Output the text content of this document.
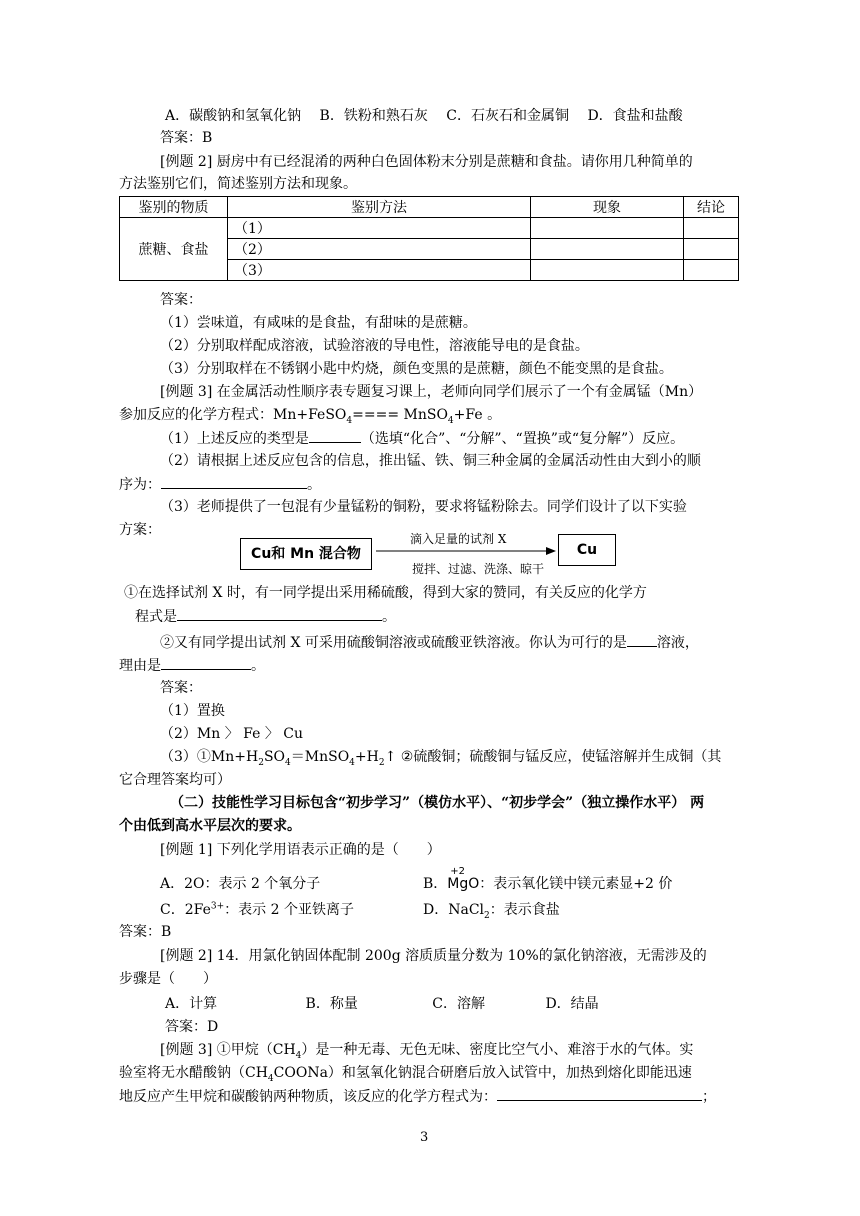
A．碳酸钠和氢氧化钠　 B．铁粉和熟石灰　 C．石灰石和金属铜　 D．食盐和盐酸
答案：B
[例题 2] 厨房中有已经混淆的两种白色固体粉末分别是蔗糖和食盐。请你用几种简单的
方法鉴别它们，简述鉴别方法和现象。
鉴别的物质	鉴别方法	现象	结论
蔗糖、食盐	（1）		
	（2）		
	（3）		
答案：
（1）尝味道，有咸味的是食盐，有甜味的是蔗糖。
（2）分别取样配成溶液，试验溶液的导电性，溶液能导电的是食盐。
（3）分别取样在不锈钢小匙中灼烧，颜色变黑的是蔗糖，颜色不能变黑的是食盐。
[例题 3] 在金属活动性顺序表专题复习课上，老师向同学们展示了一个有金属锰（Mn）
参加反应的化学方程式：Mn+FeSO$_4$==== MnSO$_4$+Fe 。
（1）上述反应的类型是	（选填“化合”、“分解”、“置换”或“复分解”）反应。
（2）请根据上述反应包含的信息，推出锰、铁、铜三种金属的金属活动性由大到小的顺
序为：	。
（3）老师提供了一包混有少量锰粉的铜粉，要求将锰粉除去。同学们设计了以下实验
方案：
Cu和 Mn 混合物
滴入足量的试剂 X
搅拌、过滤、洗涤、晾干
Cu
①在选择试剂 X 时，有一同学提出采用稀硫酸，得到大家的赞同，有关反应的化学方
程式是	。
②又有同学提出试剂 X 可采用硫酸铜溶液或硫酸亚铁溶液。你认为可行的是 溶液，
理由是	。
答案：
（1）置换
（2）Mn 〉 Fe 〉 Cu
$(3)①Mn+H_2SO_4=MnSO_4+H_2↑$ ②硫酸铜；硫酸铜与锰反应，使锰溶解并生成铜（其
它合理答案均可）
（二）技能性学习目标包含“初步学习”（模仿水平）、“初步学会”（独立操作水平） 两
个由低到高水平层次的要求。
[例题 1] 下列化学用语表示正确的是（　　）
A．2O：表示 2 个氧分子	B．
+2
MgO：表示氧化镁中镁元素显+2 价
C．$2Fe^{3+}$：表示 2 个亚铁离子	D．NaCl$_2$：表示食盐
答案：B
[例题 2] 14．用氯化钠固体配制 200g 溶质质量分数为 10%的氯化钠溶液，无需涉及的
步骤是（　　）
A．计算　　　　　　 B．称量　　　　　 C．溶解　　　　 D．结晶
答案：D
[例题 3] ①甲烷$(CH_4)$是一种无毒、无色无味、密度比空气小、难溶于水的气体。实
验室将无水醋酸钠$(CH_4COONa)$和氢氧化钠混合研磨后放入试管中，加热到熔化即能迅速
地反应产生甲烷和碳酸钠两种物质，该反应的化学方程式为：	；
3
